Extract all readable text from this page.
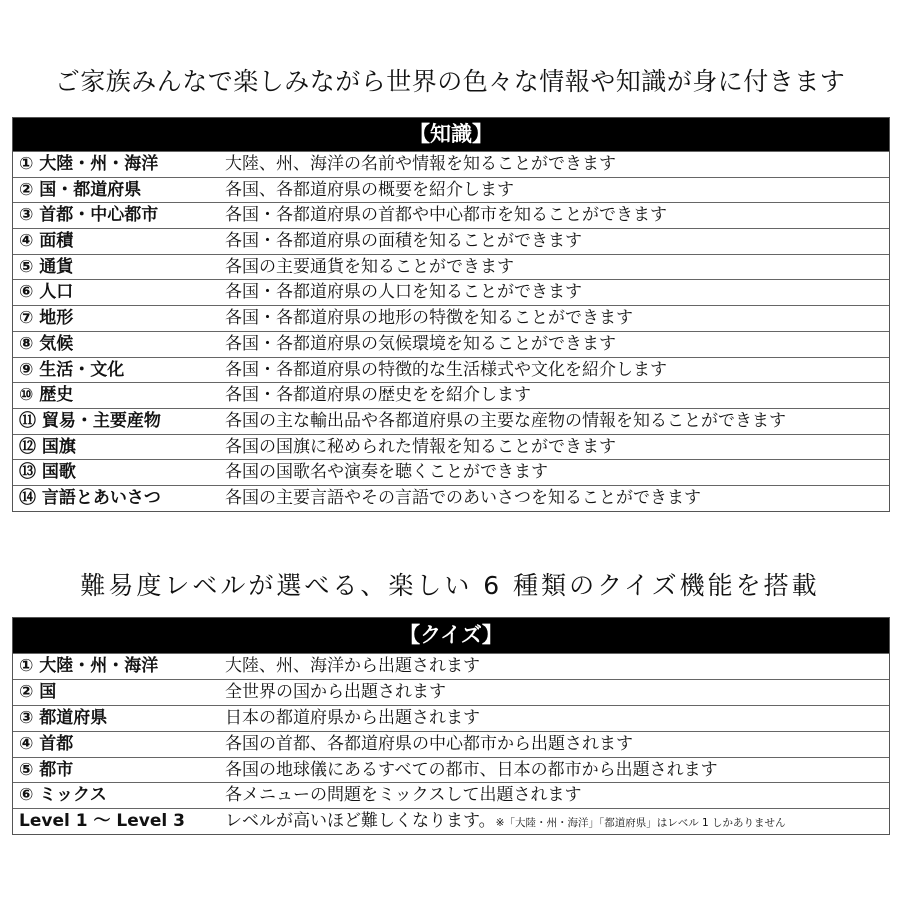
ご家族みんなで楽しみながら世界の色々な情報や知識が身に付きます
【知識】
① 大陸・州・海洋	大陸、州、海洋の名前や情報を知ることができます
② 国・都道府県	各国、各都道府県の概要を紹介します
③ 首都・中心都市	各国・各都道府県の首都や中心都市を知ることができます
④ 面積	各国・各都道府県の面積を知ることができます
⑤ 通貨	各国の主要通貨を知ることができます
⑥ 人口	各国・各都道府県の人口を知ることができます
⑦ 地形	各国・各都道府県の地形の特徴を知ることができます
⑧ 気候	各国・各都道府県の気候環境を知ることができます
⑨ 生活・文化	各国・各都道府県の特徴的な生活様式や文化を紹介します
⑩ 歴史	各国・各都道府県の歴史をを紹介します
⑪ 貿易・主要産物	各国の主な輸出品や各都道府県の主要な産物の情報を知ることができます
⑫ 国旗	各国の国旗に秘められた情報を知ることができます
⑬ 国歌	各国の国歌名や演奏を聴くことができます
⑭ 言語とあいさつ	各国の主要言語やその言語でのあいさつを知ることができます
難易度レベルが選べる、楽しい 6 種類のクイズ機能を搭載
【クイズ】
① 大陸・州・海洋	大陸、州、海洋から出題されます
② 国	全世界の国から出題されます
③ 都道府県	日本の都道府県から出題されます
④ 首都	各国の首都、各都道府県の中心都市から出題されます
⑤ 都市	各国の地球儀にあるすべての都市、日本の都市から出題されます
⑥ ミックス	各メニューの問題をミックスして出題されます
Level 1 ～ Level 3	レベルが高いほど難しくなります。※「大陸・州・海洋」「都道府県」はレベル 1 しかありません
